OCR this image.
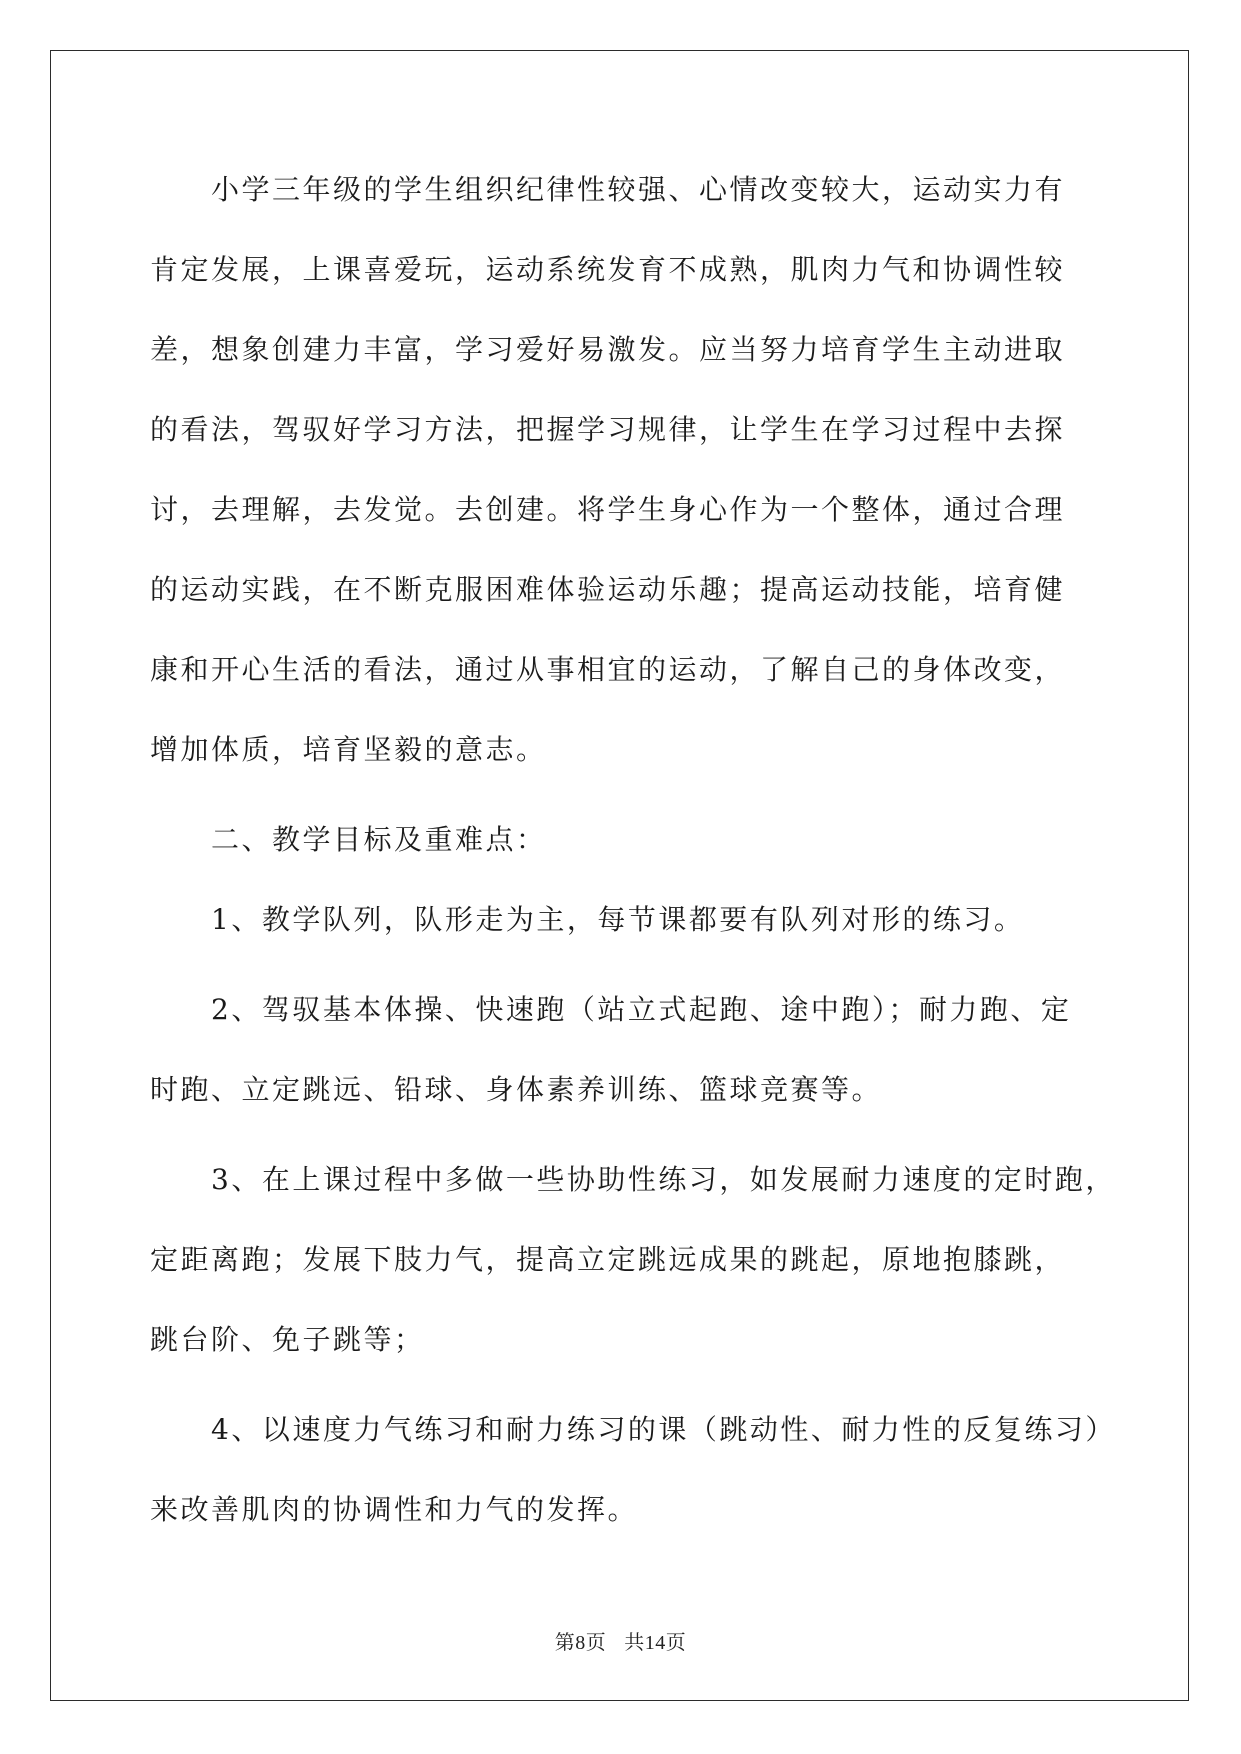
小学三年级的学生组织纪律性较强、心情改变较大，运动实力有
肯定发展，上课喜爱玩，运动系统发育不成熟，肌肉力气和协调性较
差，想象创建力丰富，学习爱好易激发。应当努力培育学生主动进取
的看法，驾驭好学习方法，把握学习规律，让学生在学习过程中去探
讨，去理解，去发觉。去创建。将学生身心作为一个整体，通过合理
的运动实践，在不断克服困难体验运动乐趣；提高运动技能，培育健
康和开心生活的看法，通过从事相宜的运动，了解自己的身体改变，
增加体质，培育坚毅的意志。
二、教学目标及重难点：
1、教学队列，队形走为主，每节课都要有队列对形的练习。
2、驾驭基本体操、快速跑（站立式起跑、途中跑）；耐力跑、定
时跑、立定跳远、铅球、身体素养训练、篮球竞赛等。
3、在上课过程中多做一些协助性练习，如发展耐力速度的定时跑，
定距离跑；发展下肢力气，提高立定跳远成果的跳起，原地抱膝跳，
跳台阶、免子跳等；
4、以速度力气练习和耐力练习的课（跳动性、耐力性的反复练习）
来改善肌肉的协调性和力气的发挥。
第8页 共14页
